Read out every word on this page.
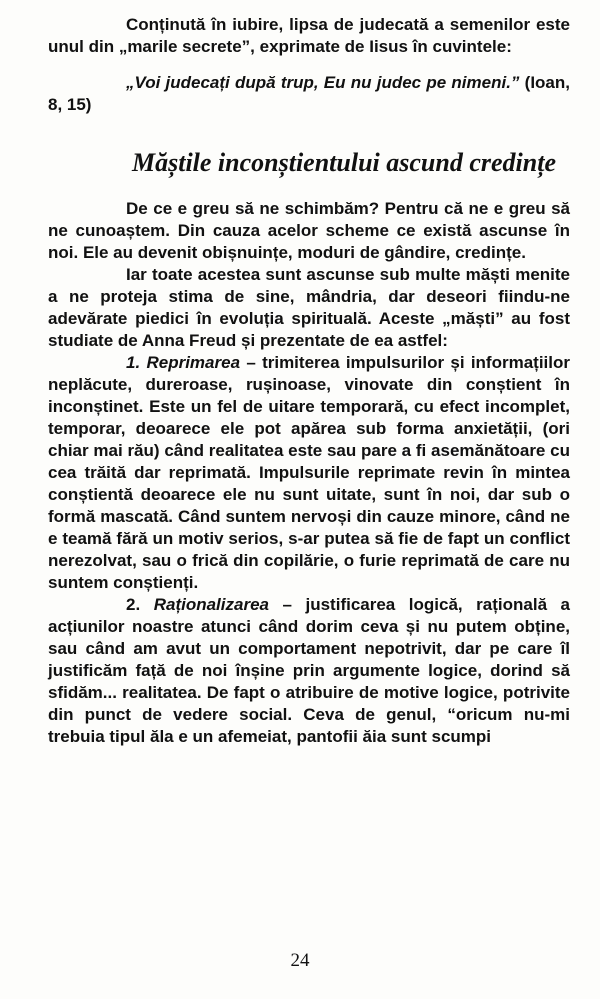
Conținută în iubire, lipsa de judecată a semenilor este unul din „marile secrete”, exprimate de Iisus în cuvintele:

„Voi judecați după trup, Eu nu judec pe nimeni.” (Ioan, 8, 15)

Măștile inconștientului ascund credințe

De ce e greu să ne schimbăm? Pentru că ne e greu să ne cunoaștem. Din cauza acelor scheme ce există ascunse în noi. Ele au devenit obișnuințe, moduri de gândire, credințe.

Iar toate acestea sunt ascunse sub multe măști menite a ne proteja stima de sine, mândria, dar deseori fiindu-ne adevărate piedici în evoluția spirituală. Aceste „măști” au fost studiate de Anna Freud și prezentate de ea astfel:

1. Reprimarea – trimiterea impulsurilor și informațiilor neplăcute, dureroase, rușinoase, vinovate din conștient în inconștinet. Este un fel de uitare temporară, cu efect incomplet, temporar, deoarece ele pot apărea sub forma anxietății, (ori chiar mai rău) când realitatea este sau pare a fi asemănătoare cu cea trăită dar reprimată. Impulsurile reprimate revin în mintea conștientă deoarece ele nu sunt uitate, sunt în noi, dar sub o formă mascată. Când suntem nervoși din cauze minore, când ne e teamă fără un motiv serios, s-ar putea să fie de fapt un conflict nerezolvat, sau o frică din copilărie, o furie reprimată de care nu suntem conștienți.

2. Raționalizarea – justificarea logică, rațională a acțiunilor noastre atunci când dorim ceva și nu putem obține, sau când am avut un comportament nepotrivit, dar pe care îl justificăm față de noi înșine prin argumente logice, dorind să sfidăm... realitatea. De fapt o atribuire de motive logice, potrivite din punct de vedere social. Ceva de genul, “oricum nu-mi trebuia tipul ăla e un afemeiat, pantofii ăia sunt scumpi

24
